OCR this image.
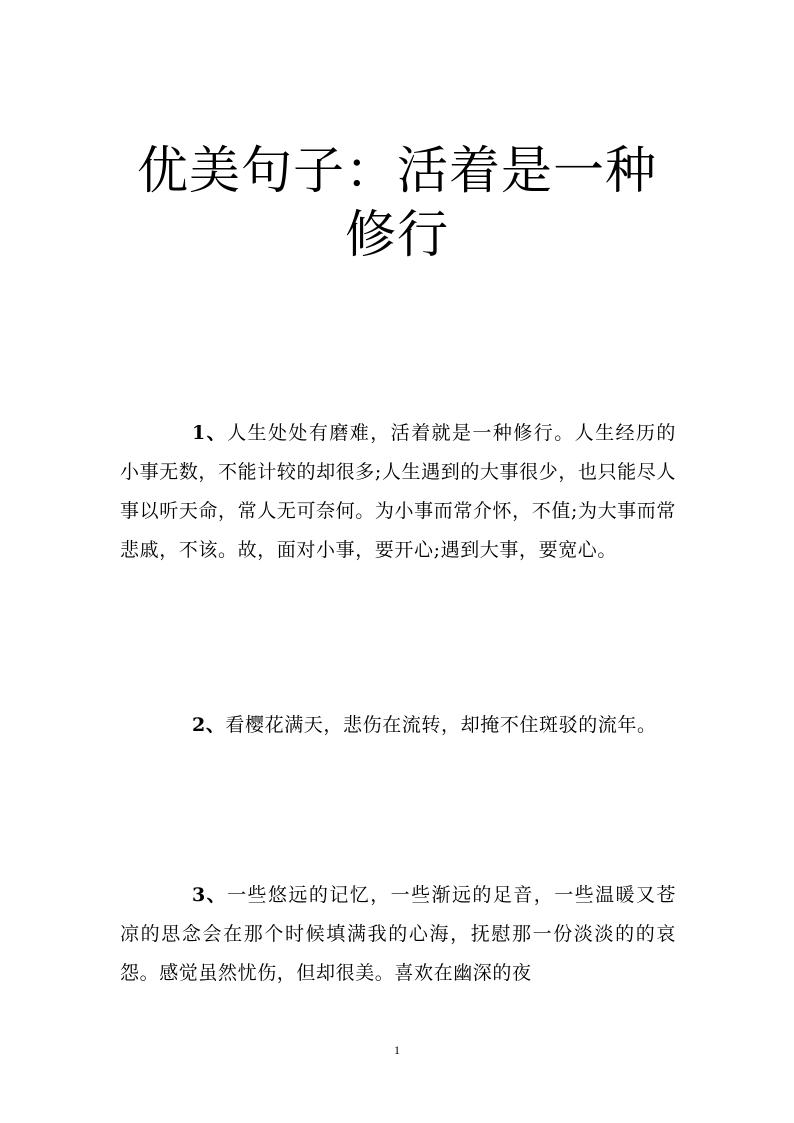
优美句子：活着是一种修行

1、人生处处有磨难，活着就是一种修行。人生经历的小事无数，不能计较的却很多;人生遇到的大事很少，也只能尽人事以听天命，常人无可奈何。为小事而常介怀，不值;为大事而常悲戚，不该。故，面对小事，要开心;遇到大事，要宽心。

2、看樱花满天，悲伤在流转，却掩不住斑驳的流年。

3、一些悠远的记忆，一些渐远的足音，一些温暖又苍凉的思念会在那个时候填满我的心海，抚慰那一份淡淡的的哀怨。感觉虽然忧伤，但却很美。喜欢在幽深的夜

1
